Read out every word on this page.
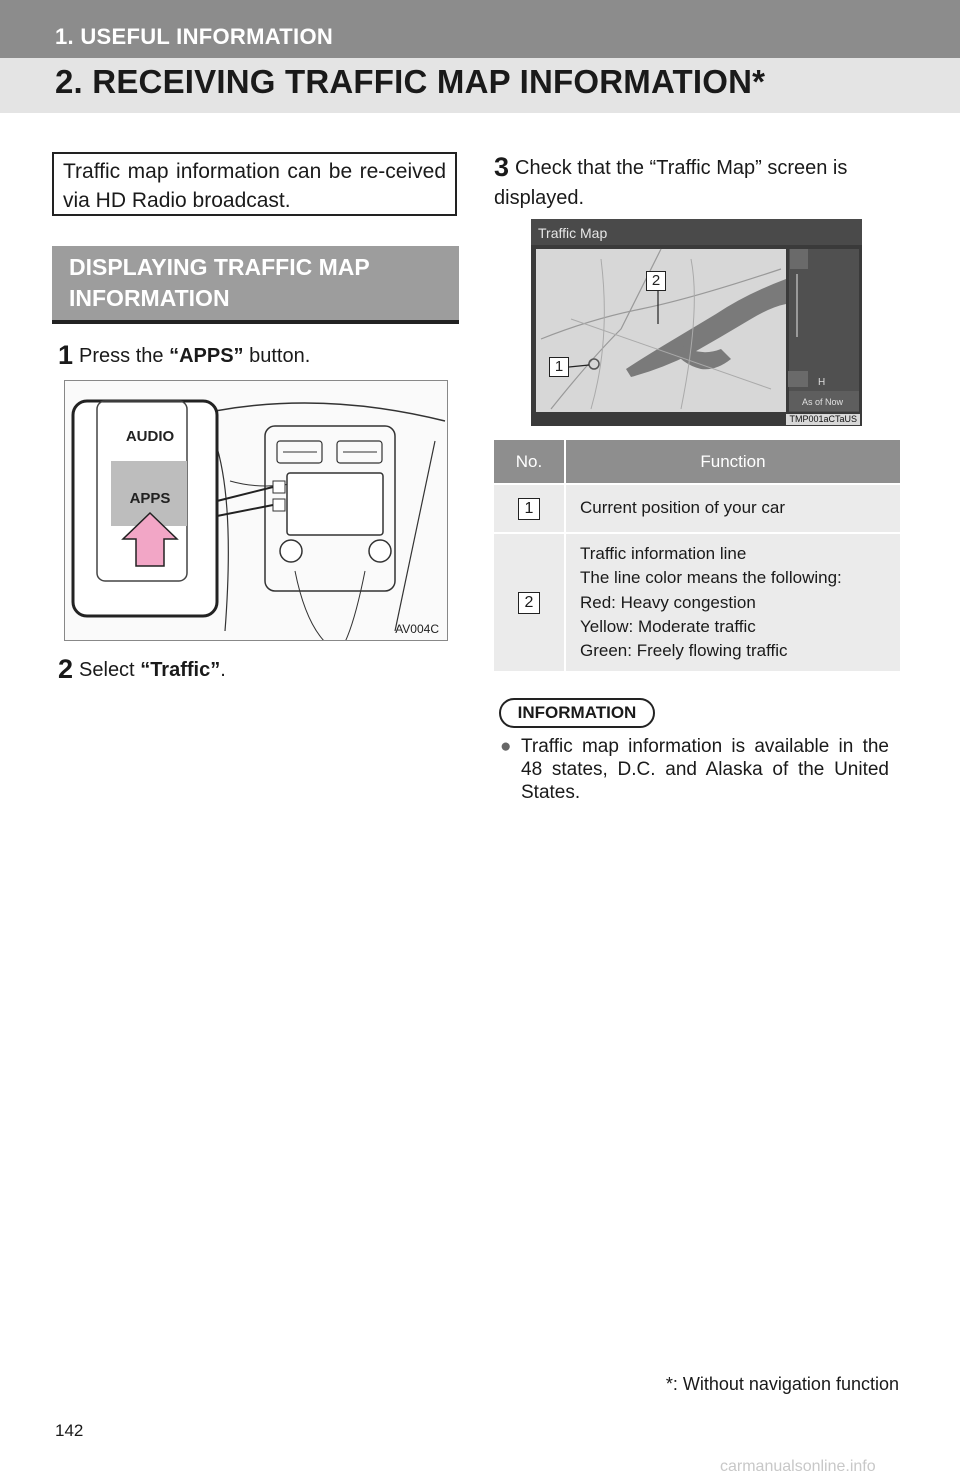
1. USEFUL INFORMATION
2. RECEIVING TRAFFIC MAP INFORMATION*
Traffic map information can be re-ceived via HD Radio broadcast.
DISPLAYING TRAFFIC MAP INFORMATION
1 Press the “APPS” button.
AUDIO
APPS
AV004C
2 Select “Traffic”.
3 Check that the “Traffic Map” screen is displayed.
H
Traffic Map
As of Now
TMP001aCTaUS
2
1
No.	Function
1	Current position of your car

2	Traffic information line
The line color means the following:
Red: Heavy congestion
Yellow: Moderate traffic
Green: Freely flowing traffic
INFORMATION
● Traffic map information is available in the 48 states, D.C. and Alaska of the United States.
*: Without navigation function
142
carmanualsonline.info
